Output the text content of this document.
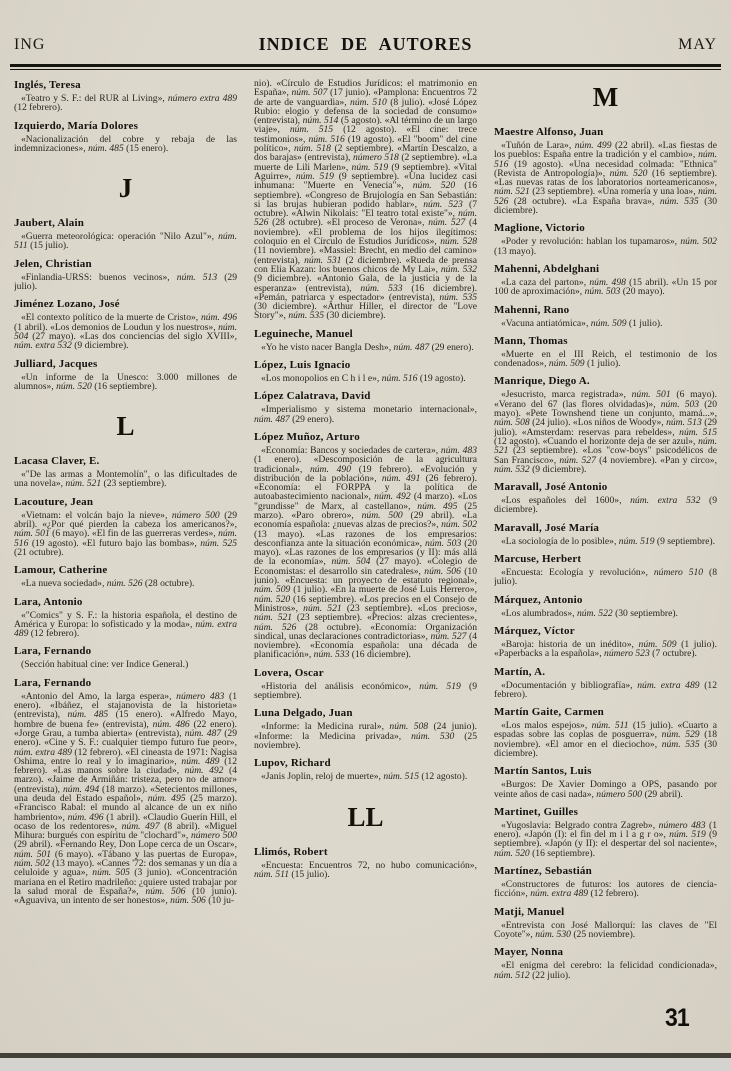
ING	INDICE DE AUTORES	MAY
Inglés, Teresa

«Teatro y S. F.: del RUR al Living», número extra 489 (12 febrero).

Izquierdo, María Dolores

«Nacionalización del cobre y rebaja de las indemnizaciones», núm. 485 (15 enero).

J
Jaubert, Alain

«Guerra meteorológica: operación "Nilo Azul"», núm. 511 (15 julio).

Jelen, Christian

«Finlandia-URSS: buenos vecinos», núm. 513 (29 julio).

Jiménez Lozano, José

«El contexto político de la muerte de Cristo», núm. 496 (1 abril). «Los demonios de Loudun y los nuestros», núm. 504 (27 mayo). «Las dos conciencias del siglo XVIII», núm. extra 532 (9 diciembre).

Julliard, Jacques

«Un informe de la Unesco: 3.000 millones de alumnos», núm. 520 (16 septiembre).

L
Lacasa Claver, E.

«"De las armas a Montemolín", o las dificultades de una novela», núm. 521 (23 septiembre).

Lacouture, Jean

«Vietnam: el volcán bajo la nieve», número 500 (29 abril). «¿Por qué pierden la cabeza los americanos?», núm. 501 (6 mayo). «El fin de las guerreras verdes», núm. 516 (19 agosto). «El futuro bajo las bombas», núm. 525 (21 octubre).

Lamour, Catherine

«La nueva sociedad», núm. 526 (28 octubre).

Lara, Antonio

«"Comics" y S. F.: la historia española, el destino de América y Europa: lo sofisticado y la moda», núm. extra 489 (12 febrero).

Lara, Fernando

(Sección habitual cine: ver Indice General.)

Lara, Fernando

«Antonio del Amo, la larga espera», número 483 (1 enero). «Ibáñez, el stajanovista de la historieta» (entrevista), núm. 485 (15 enero). «Alfredo Mayo, hombre de buena fe» (entrevista), núm. 486 (22 enero). «Jorge Grau, a tumba abierta» (entrevista), núm. 487 (29 enero). «Cine y S. F.: cualquier tiempo futuro fue peor», núm. extra 489 (12 febrero). «El cineasta de 1971: Nagisa Oshima, entre lo real y lo imaginario», núm. 489 (12 febrero). «Las manos sobre la ciudad», núm. 492 (4 marzo). «Jaime de Armiñán: tristeza, pero no de amor» (entrevista), núm. 494 (18 marzo). «Setecientos millones, una deuda del Estado español», núm. 495 (25 marzo). «Francisco Rabal: el mundo al alcance de un ex niño hambriento», núm. 496 (1 abril). «Claudio Guerín Hill, el ocaso de los redentores», núm. 497 (8 abril). «Miguel Mihura: burgués con espíritu de "clochard"», número 500 (29 abril). «Fernando Rey, Don Lope cerca de un Oscar», núm. 501 (6 mayo). «Tábano y las puertas de Europa», núm. 502 (13 mayo). «Cannes '72: dos semanas y un día a celuloide y agua», núm. 505 (3 junio). «Concentración mariana en el Retiro madrileño: ¿quiere usted trabajar por la salud moral de España?», núm. 506 (10 junio). «Aguaviva, un intento de ser honestos», núm. 506 (10 ju-

nio). «Círculo de Estudios Jurídicos: el matrimonio en España», núm. 507 (17 junio). «Pamplona: Encuentros 72 de arte de vanguardia», núm. 510 (8 julio). «José López Rubio: elogio y defensa de la sociedad de consumo» (entrevista), núm. 514 (5 agosto). «Al término de un largo viaje», núm. 515 (12 agosto). «El cine: trece testimonios», núm. 516 (19 agosto). «El "boom" del cine político», núm. 518 (2 septiembre). «Martín Descalzo, a dos barajas» (entrevista), número 518 (2 septiembre). «La muerte de Lili Marlen», núm. 519 (9 septiembre). «Vital Aguirre», núm. 519 (9 septiembre). «Una lucidez casi inhumana: "Muerte en Venecia"», núm. 520 (16 septiembre). «Congreso de Brujología en San Sebastián: si las brujas hubieran podido hablar», núm. 523 (7 octubre). «Alwin Nikolais: "El teatro total existe"», núm. 526 (28 octubre). «El proceso de Verona», núm. 527 (4 noviembre). «El problema de los hijos ilegítimos: coloquio en el Círculo de Estudios Jurídicos», núm. 528 (11 noviembre). «Massiel: Brecht, en medio del camino» (entrevista), núm. 531 (2 diciembre). «Rueda de prensa con Elia Kazan: los buenos chicos de My Lai», núm. 532 (9 diciembre). «Antonio Gala, de la justicia y de la esperanza» (entrevista), núm. 533 (16 diciembre). «Pemán, patriarca y espectador» (entrevista), núm. 535 (30 diciembre). «Arthur Hiller, el director de "Love Story"», núm. 535 (30 diciembre).

Leguineche, Manuel

«Yo he visto nacer Bangla Desh», núm. 487 (29 enero).

López, Luis Ignacio

«Los monopolios en C h i l e», núm. 516 (19 agosto).

López Calatrava, David

«Imperialismo y sistema monetario internacional», núm. 487 (29 enero).

López Muñoz, Arturo

«Economía: Bancos y sociedades de cartera», núm. 483 (1 enero). «Descomposición de la agricultura tradicional», núm. 490 (19 febrero). «Evolución y distribución de la población», núm. 491 (26 febrero). «Economía: el FORPPA y la política de autoabastecimiento nacional», núm. 492 (4 marzo). «Los "grundisse" de Marx, al castellano», núm. 495 (25 marzo). «Paro obrero», núm. 500 (29 abril). «La economía española: ¿nuevas alzas de precios?», núm. 502 (13 mayo). «Las razones de los empresarios: desconfianza ante la situación económica», núm. 503 (20 mayo). «Las razones de los empresarios (y II): más allá de la economía», núm. 504 (27 mayo). «Colegio de Economistas: el desarrollo sin catedrales», núm. 506 (10 junio). «Encuesta: un proyecto de estatuto regional», núm. 509 (1 julio). «En la muerte de José Luis Herrero», núm. 520 (16 septiembre). «Los precios en el Consejo de Ministros», núm. 521 (23 septiembre). «Los precios», núm. 521 (23 septiembre). «Precios: alzas crecientes», núm. 526 (28 octubre). «Economía: Organización sindical, unas declaraciones contradictorias», núm. 527 (4 noviembre). «Economía española: una década de planificación», núm. 533 (16 diciembre).

Lovera, Oscar

«Historia del análisis económico», núm. 519 (9 septiembre).

Luna Delgado, Juan

«Informe: la Medicina rural», núm. 508 (24 junio). «Informe: la Medicina privada», núm. 530 (25 noviembre).

Lupov, Richard

«Janis Joplin, reloj de muerte», núm. 515 (12 agosto).

LL
Llimós, Robert

«Encuesta: Encuentros 72, no hubo comunicación», núm. 511 (15 julio).

M
Maestre Alfonso, Juan

«Tuñón de Lara», núm. 499 (22 abril). «Las fiestas de los pueblos: España entre la tradición y el cambio», núm. 516 (19 agosto). «Una necesidad colmada: "Ethnica" (Revista de Antropología)», núm. 520 (16 septiembre). «Las nuevas ratas de los laboratorios norteamericanos», núm. 521 (23 septiembre). «Una romería y una loa», núm. 526 (28 octubre). «La España brava», núm. 535 (30 diciembre).

Maglione, Victorio

«Poder y revolución: hablan los tupamaros», núm. 502 (13 mayo).

Mahenni, Abdelghani

«La caza del parton», núm. 498 (15 abril). «Un 15 por 100 de aproximación», núm. 503 (20 mayo).

Mahenni, Rano

«Vacuna antiatómica», núm. 509 (1 julio).

Mann, Thomas

«Muerte en el III Reich, el testimonio de los condenados», núm. 509 (1 julio).

Manrique, Diego A.

«Jesucristo, marca registrada», núm. 501 (6 mayo). «Verano del 67 (las flores olvidadas)», núm. 503 (20 mayo). «Pete Townshend tiene un conjunto, mamá...», núm. 508 (24 julio). «Los niños de Woody», núm. 513 (29 julio). «Amsterdam: reservas para rebeldes», núm. 515 (12 agosto). «Cuando el horizonte deja de ser azul», núm. 521 (23 septiembre). «Los "cow-boys" psicodélicos de San Francisco», núm. 527 (4 noviembre). «Pan y circo», núm. 532 (9 diciembre).

Maravall, José Antonio

«Los españoles del 1600», núm. extra 532 (9 diciembre).

Maravall, José María

«La sociología de lo posible», núm. 519 (9 septiembre).

Marcuse, Herbert

«Encuesta: Ecología y revolución», número 510 (8 julio).

Márquez, Antonio

«Los alumbrados», núm. 522 (30 septiembre).

Márquez, Víctor

«Baroja: historia de un inédito», núm. 509 (1 julio). «Paperbacks a la española», número 523 (7 octubre).

Martín, A.

«Documentación y bibliografía», núm. extra 489 (12 febrero).

Martín Gaite, Carmen

«Los malos espejos», núm. 511 (15 julio). «Cuarto a espadas sobre las coplas de posguerra», núm. 529 (18 noviembre). «El amor en el dieciocho», núm. 535 (30 diciembre).

Martín Santos, Luis

«Burgos: De Xavier Domingo a OPS, pasando por veinte años de casi nada», número 500 (29 abril).

Martinet, Guilles

«Yugoslavia: Belgrado contra Zagreb», número 483 (1 enero). «Japón (I): el fin del m i l a g r o», núm. 519 (9 septiembre). «Japón (y II): el despertar del sol naciente», núm. 520 (16 septiembre).

Martínez, Sebastián

«Constructores de futuros: los autores de ciencia-ficción», núm. extra 489 (12 febrero).

Matji, Manuel

«Entrevista con José Mallorquí: las claves de "El Coyote"», núm. 530 (25 noviembre).

Mayer, Nonna

«El enigma del cerebro: la felicidad condicionada», núm. 512 (22 julio).

31
